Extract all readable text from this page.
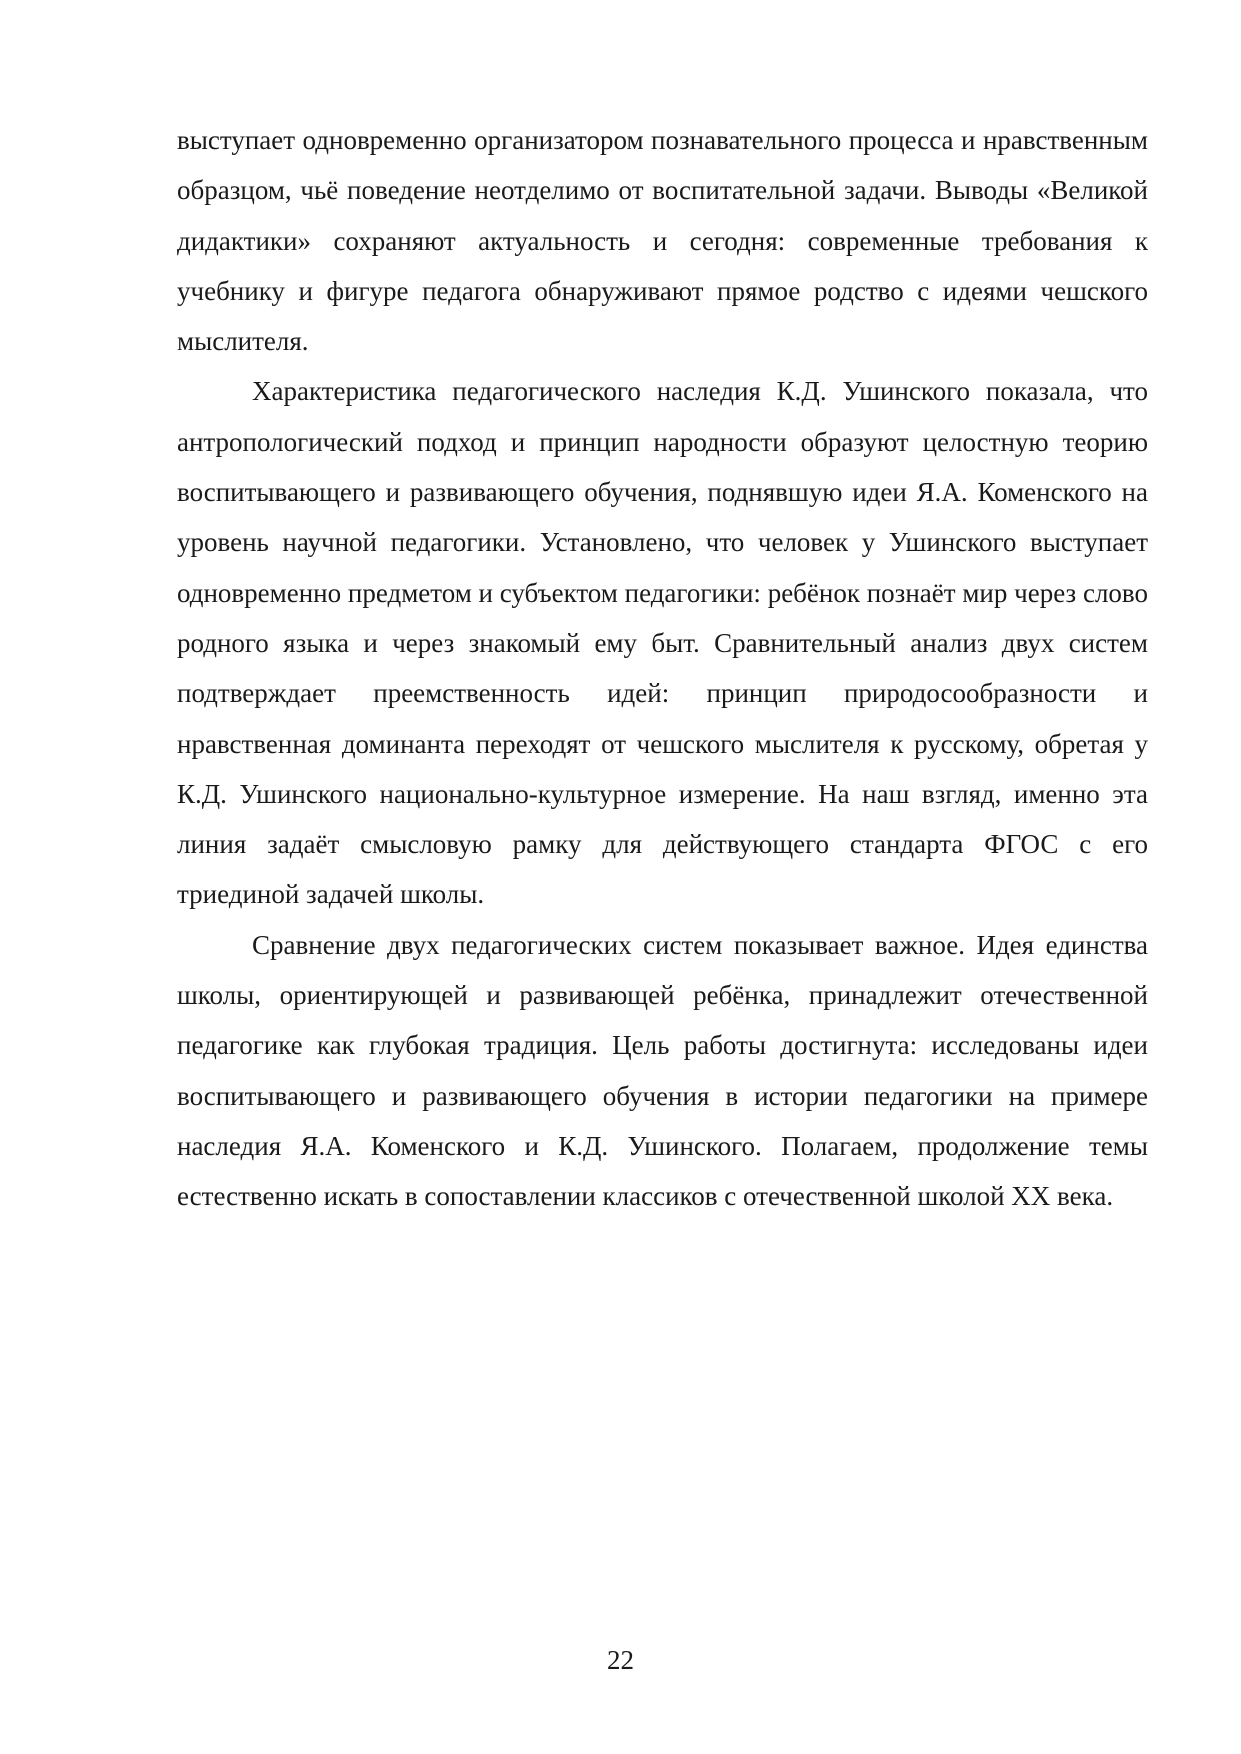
выступает одновременно организатором познавательного процесса и нравственным образцом, чьё поведение неотделимо от воспитательной задачи. Выводы «Великой дидактики» сохраняют актуальность и сегодня: современные требования к учебнику и фигуре педагога обнаруживают прямое родство с идеями чешского мыслителя.

Характеристика педагогического наследия К.Д. Ушинского показала, что антропологический подход и принцип народности образуют целостную теорию воспитывающего и развивающего обучения, поднявшую идеи Я.А. Коменского на уровень научной педагогики. Установлено, что человек у Ушинского выступает одновременно предметом и субъектом педагогики: ребёнок познаёт мир через слово родного языка и через знакомый ему быт. Сравнительный анализ двух систем подтверждает преемственность идей: принцип природосообразности и нравственная доминанта переходят от чешского мыслителя к русскому, обретая у К.Д. Ушинского национально-культурное измерение. На наш взгляд, именно эта линия задаёт смысловую рамку для действующего стандарта ФГОС с его триединой задачей школы.

Сравнение двух педагогических систем показывает важное. Идея единства школы, ориентирующей и развивающей ребёнка, принадлежит отечественной педагогике как глубокая традиция. Цель работы достигнута: исследованы идеи воспитывающего и развивающего обучения в истории педагогики на примере наследия Я.А. Коменского и К.Д. Ушинского. Полагаем, продолжение темы естественно искать в сопоставлении классиков с отечественной школой XX века.

22
